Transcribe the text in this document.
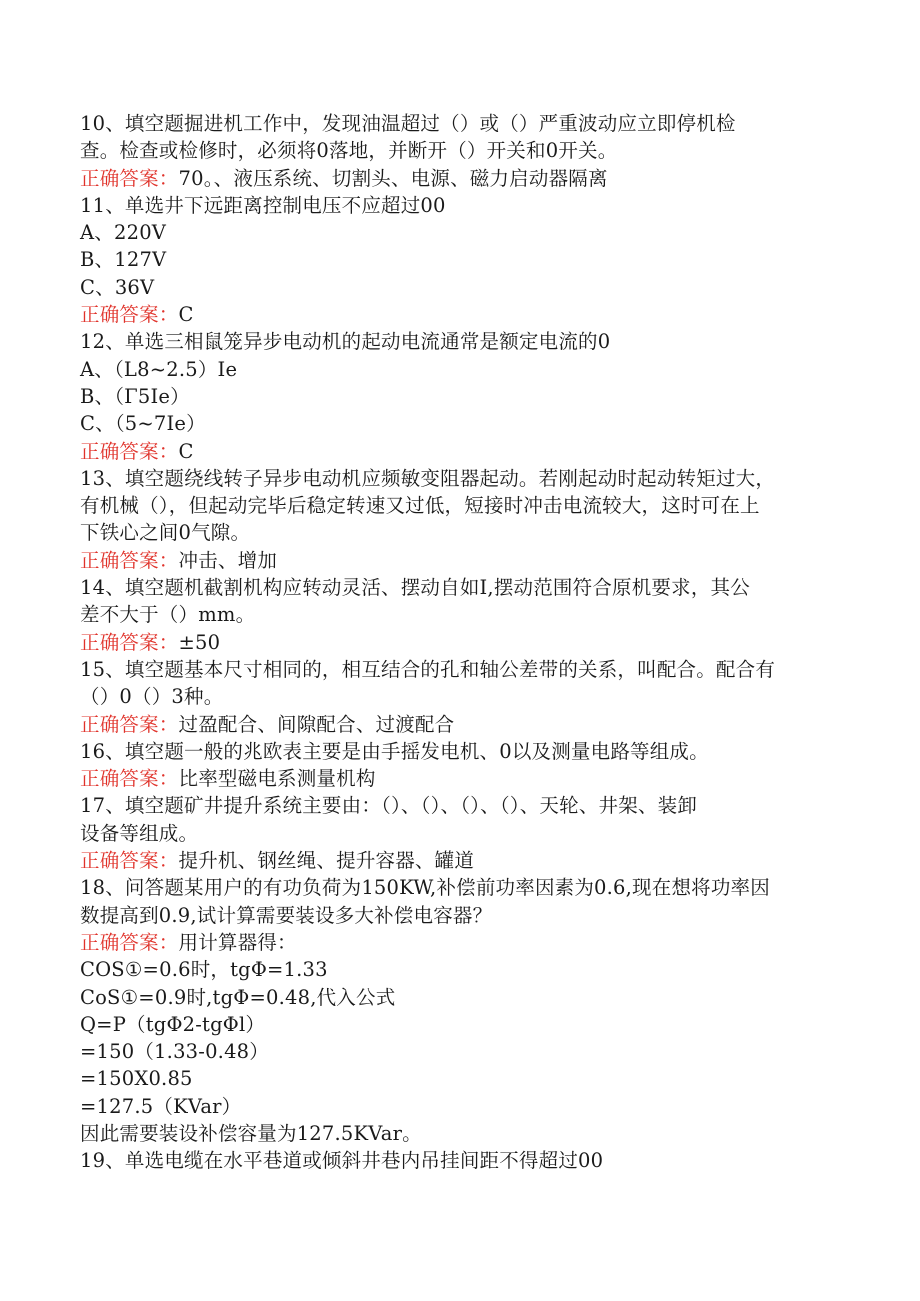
10、填空题掘进机工作中，发现油温超过（）或（）严重波动应立即停机检
查。检查或检修时，必须将0落地，并断开（）开关和0开关。
正确答案：70。、液压系统、切割头、电源、磁力启动器隔离
11、单选井下远距离控制电压不应超过00
A、220V
B、127V
C、36V
正确答案：C
12、单选三相鼠笼异步电动机的起动电流通常是额定电流的0
A、（L8~2.5）Ie
B、（Γ5Ie）
C、（5~7Ie）
正确答案：C
13、填空题绕线转子异步电动机应频敏变阻器起动。若刚起动时起动转矩过大，
有机械（），但起动完毕后稳定转速又过低，短接时冲击电流较大，这时可在上
下铁心之间0气隙。
正确答案：冲击、增加
14、填空题机截割机构应转动灵活、摆动自如I,摆动范围符合原机要求，其公
差不大于（）mm。
正确答案：±50
15、填空题基本尺寸相同的，相互结合的孔和轴公差带的关系，叫配合。配合有
（）0（）3种。
正确答案：过盈配合、间隙配合、过渡配合
16、填空题一般的兆欧表主要是由手摇发电机、0以及测量电路等组成。
正确答案：比率型磁电系测量机构
17、填空题矿井提升系统主要由：（）、（）、（）、（）、天轮、井架、装卸
设备等组成。
正确答案：提升机、钢丝绳、提升容器、罐道
18、问答题某用户的有功负荷为150KW,补偿前功率因素为0.6,现在想将功率因
数提高到0.9,试计算需要装设多大补偿电容器？
正确答案：用计算器得：
COS①=0.6时，tgΦ=1.33
CoS①=0.9时,tgΦ=0.48,代入公式
Q=P（tgΦ2-tgΦl）
=150（1.33-0.48）
=150X0.85
=127.5（KVar）
因此需要装设补偿容量为127.5KVar。
19、单选电缆在水平巷道或倾斜井巷内吊挂间距不得超过00
